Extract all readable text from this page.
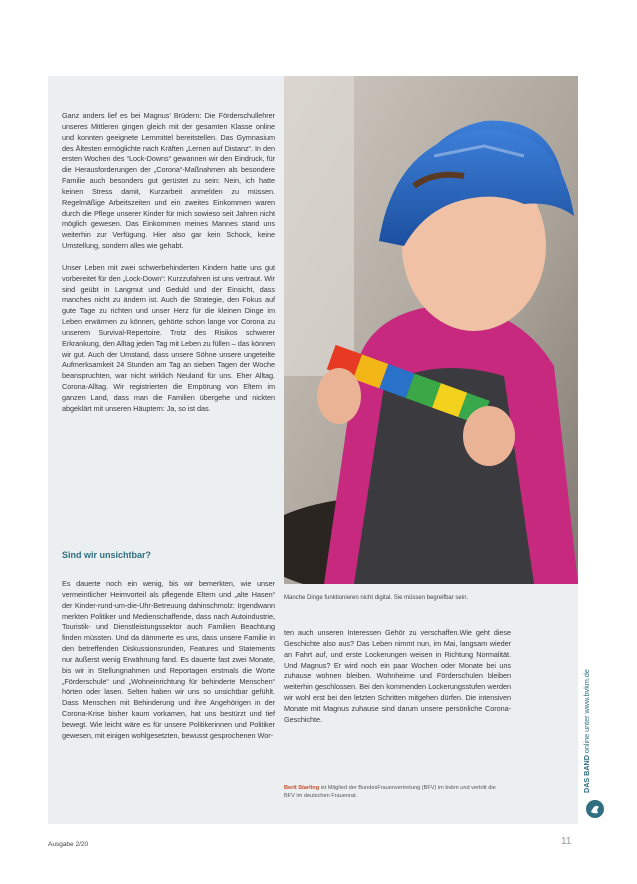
Ganz anders lief es bei Magnus’ Brüdern: Die Förderschullehrer unseres Mittleren gingen gleich mit der gesamten Klasse online und konnten geeignete Lernmittel bereitstellen. Das Gymnasium des Ältesten ermöglichte nach Kräften „Lernen auf Distanz“. In den ersten Wochen des “Lock-Downs“ gewannen wir den Eindruck, für die Herausforderungen der „Corona“-Maßnahmen als besondere Familie auch besonders gut gerüstet zu sein: Nein, ich hatte keinen Stress damit, Kurzarbeit anmelden zu müssen. Regelmäßige Arbeitszeiten und ein zweites Einkommen waren durch die Pflege unserer Kinder für mich sowieso seit Jahren nicht möglich gewesen. Das Einkommen meines Mannes stand uns weiterhin zur Verfügung. Hier also gar kein Schock, keine Umstellung, sondern alles wie gehabt.

Unser Leben mit zwei schwerbehinderten Kindern hatte uns gut vorbereitet für den „Lock-Down“: Kurzzufahren ist uns vertraut. Wir sind geübt in Langmut und Geduld und der Einsicht, dass manches nicht zu ändern ist. Auch die Strategie, den Fokus auf gute Tage zu richten und unser Herz für die kleinen Dinge im Leben erwärmen zu können, gehörte schon lange vor Corona zu unserem Survival-Repertoire. Trotz des Risikos schwerer Erkrankung, den Alltag jeden Tag mit Leben zu füllen – das können wir gut. Auch der Umstand, dass unsere Söhne unsere ungeteilte Aufmerksamkeit 24 Stunden am Tag an sieben Tagen der Woche beanspruchten, war nicht wirklich Neuland für uns. Eher Alltag. Corona-Alltag. Wir registrierten die Empörung von Eltern im ganzen Land, dass man die Familien übergehe und nickten abgeklärt mit unseren Häuptern: Ja, so ist das.

Sind wir unsichtbar?

Es dauerte noch ein wenig, bis wir bemerkten, wie unser vermeintlicher Heimvorteil als pflegende Eltern und „alte Hasen“ der Kinder-rund-um-die-Uhr-Betreuung dahinschmolz: Irgendwann merkten Politiker und Medienschaffende, dass nach Autoindustrie, Touristik- und Dienstleistungssektor auch Familien Beachtung finden müssten. Und da dämmerte es uns, dass unsere Familie in den betreffenden Diskussionsrunden, Features und Statements nur äußerst wenig Erwähnung fand. Es dauerte fast zwei Monate, bis wir in Stellungnahmen und Reportagen erstmals die Worte „Förderschule“ und „Wohneinrichtung für behinderte Menschen“ hörten oder lasen. Selten haben wir uns so unsichtbar gefühlt. Dass Menschen mit Behinderung und ihre Angehörigen in der Corona-Krise bisher kaum vorkamen, hat uns bestürzt und tief bewegt. Wie leicht wäre es für unsere Politikerinnen und Politiker gewesen, mit einigen wohlgesetzten, bewusst gesprochenen Wor-

Manche Dinge funktionieren nicht digital. Sie müssen begreifbar sein.

ten auch unseren Interessen Gehör zu verschaffen.Wie geht diese Geschichte also aus? Das Leben nimmt nun, im Mai, langsam wieder an Fahrt auf, und erste Lockerungen weisen in Richtung Normalität. Und Magnus? Er wird noch ein paar Wochen oder Monate bei uns zuhause wohnen bleiben. Wohnheime und Förderschulen bleiben weiterhin geschlossen. Bei den kommenden Lockerungsstufen werden wir wohl erst bei den letzten Schritten mitgehen dürfen. Die intensiven Monate mit Magnus zuhause sind darum unsere persönliche Corona-Geschichte.

Berit Starling ist Mitglied der BundesFrauenvertretung (BFV) im bvkm und vertritt die BFV im deutschen Frauenrat.
DAS BAND online unter www.bvkm.de
Ausgabe 2/20	11
